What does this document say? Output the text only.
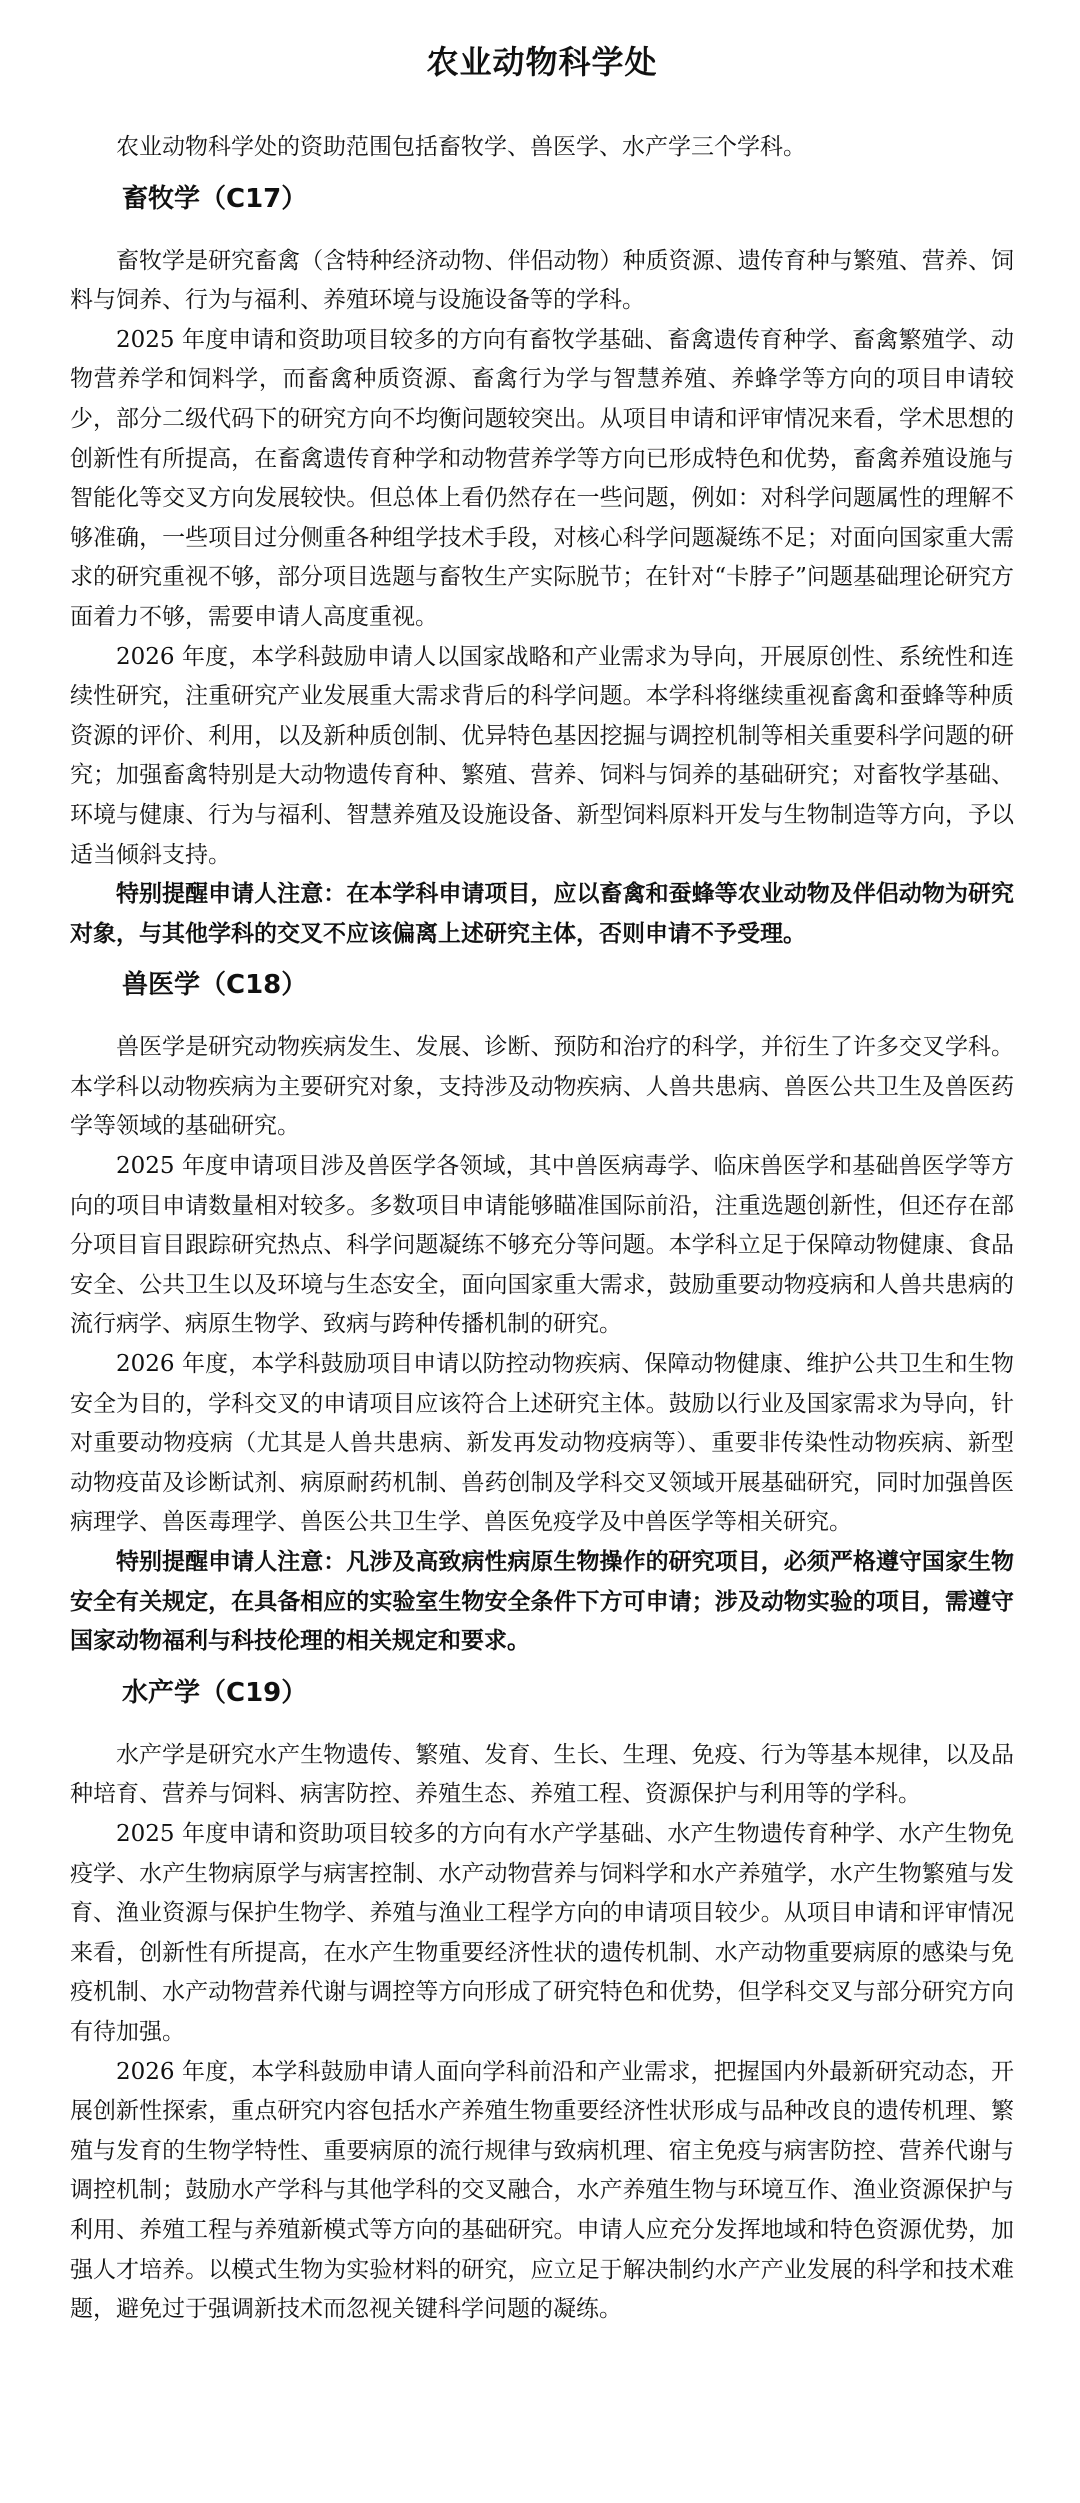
农业动物科学处

农业动物科学处的资助范围包括畜牧学、兽医学、水产学三个学科。

畜牧学（C17）

畜牧学是研究畜禽（含特种经济动物、伴侣动物）种质资源、遗传育种与繁殖、营养、饲料与饲养、行为与福利、养殖环境与设施设备等的学科。

2025 年度申请和资助项目较多的方向有畜牧学基础、畜禽遗传育种学、畜禽繁殖学、动物营养学和饲料学，而畜禽种质资源、畜禽行为学与智慧养殖、养蜂学等方向的项目申请较少，部分二级代码下的研究方向不均衡问题较突出。从项目申请和评审情况来看，学术思想的创新性有所提高，在畜禽遗传育种学和动物营养学等方向已形成特色和优势，畜禽养殖设施与智能化等交叉方向发展较快。但总体上看仍然存在一些问题，例如：对科学问题属性的理解不够准确，一些项目过分侧重各种组学技术手段，对核心科学问题凝练不足；对面向国家重大需求的研究重视不够，部分项目选题与畜牧生产实际脱节；在针对“卡脖子”问题基础理论研究方面着力不够，需要申请人高度重视。

2026 年度，本学科鼓励申请人以国家战略和产业需求为导向，开展原创性、系统性和连续性研究，注重研究产业发展重大需求背后的科学问题。本学科将继续重视畜禽和蚕蜂等种质资源的评价、利用，以及新种质创制、优异特色基因挖掘与调控机制等相关重要科学问题的研究；加强畜禽特别是大动物遗传育种、繁殖、营养、饲料与饲养的基础研究；对畜牧学基础、环境与健康、行为与福利、智慧养殖及设施设备、新型饲料原料开发与生物制造等方向，予以适当倾斜支持。

特别提醒申请人注意：在本学科申请项目，应以畜禽和蚕蜂等农业动物及伴侣动物为研究对象，与其他学科的交叉不应该偏离上述研究主体，否则申请不予受理。

兽医学（C18）

兽医学是研究动物疾病发生、发展、诊断、预防和治疗的科学，并衍生了许多交叉学科。本学科以动物疾病为主要研究对象，支持涉及动物疾病、人兽共患病、兽医公共卫生及兽医药学等领域的基础研究。

2025 年度申请项目涉及兽医学各领域，其中兽医病毒学、临床兽医学和基础兽医学等方向的项目申请数量相对较多。多数项目申请能够瞄准国际前沿，注重选题创新性，但还存在部分项目盲目跟踪研究热点、科学问题凝练不够充分等问题。本学科立足于保障动物健康、食品安全、公共卫生以及环境与生态安全，面向国家重大需求，鼓励重要动物疫病和人兽共患病的流行病学、病原生物学、致病与跨种传播机制的研究。

2026 年度，本学科鼓励项目申请以防控动物疾病、保障动物健康、维护公共卫生和生物安全为目的，学科交叉的申请项目应该符合上述研究主体。鼓励以行业及国家需求为导向，针对重要动物疫病（尤其是人兽共患病、新发再发动物疫病等）、重要非传染性动物疾病、新型动物疫苗及诊断试剂、病原耐药机制、兽药创制及学科交叉领域开展基础研究，同时加强兽医病理学、兽医毒理学、兽医公共卫生学、兽医免疫学及中兽医学等相关研究。

特别提醒申请人注意：凡涉及高致病性病原生物操作的研究项目，必须严格遵守国家生物安全有关规定，在具备相应的实验室生物安全条件下方可申请；涉及动物实验的项目，需遵守国家动物福利与科技伦理的相关规定和要求。

水产学（C19）

水产学是研究水产生物遗传、繁殖、发育、生长、生理、免疫、行为等基本规律，以及品种培育、营养与饲料、病害防控、养殖生态、养殖工程、资源保护与利用等的学科。

2025 年度申请和资助项目较多的方向有水产学基础、水产生物遗传育种学、水产生物免疫学、水产生物病原学与病害控制、水产动物营养与饲料学和水产养殖学，水产生物繁殖与发育、渔业资源与保护生物学、养殖与渔业工程学方向的申请项目较少。从项目申请和评审情况来看，创新性有所提高，在水产生物重要经济性状的遗传机制、水产动物重要病原的感染与免疫机制、水产动物营养代谢与调控等方向形成了研究特色和优势，但学科交叉与部分研究方向有待加强。

2026 年度，本学科鼓励申请人面向学科前沿和产业需求，把握国内外最新研究动态，开展创新性探索，重点研究内容包括水产养殖生物重要经济性状形成与品种改良的遗传机理、繁殖与发育的生物学特性、重要病原的流行规律与致病机理、宿主免疫与病害防控、营养代谢与调控机制；鼓励水产学科与其他学科的交叉融合，水产养殖生物与环境互作、渔业资源保护与利用、养殖工程与养殖新模式等方向的基础研究。申请人应充分发挥地域和特色资源优势，加强人才培养。以模式生物为实验材料的研究，应立足于解决制约水产产业发展的科学和技术难题，避免过于强调新技术而忽视关键科学问题的凝练。
